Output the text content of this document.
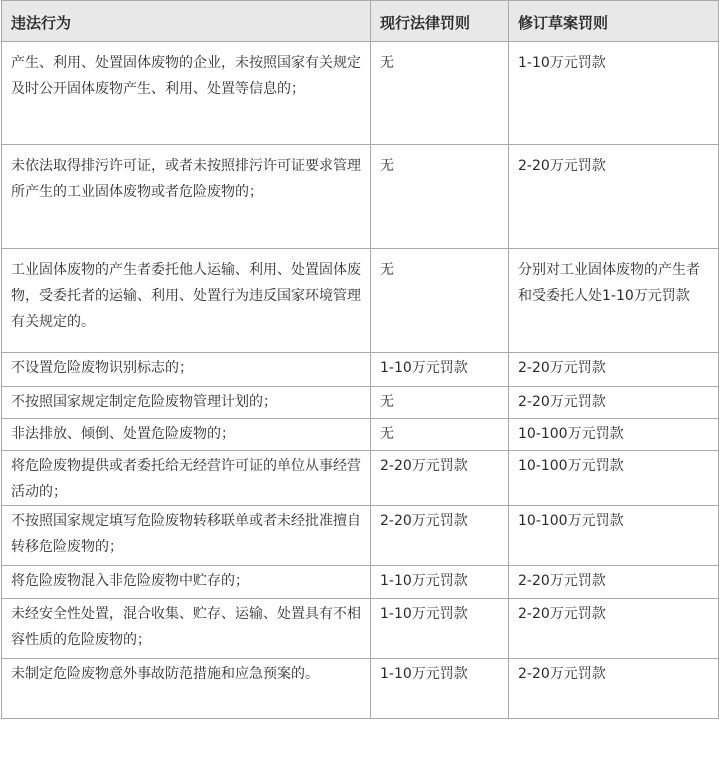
违法行为	现行法律罚则	修订草案罚则
产生、利用、处置固体废物的企业，未按照国家有关规定及时公开固体废物产生、利用、处置等信息的；	无	1-10万元罚款
未依法取得排污许可证，或者未按照排污许可证要求管理所产生的工业固体废物或者危险废物的；	无	2-20万元罚款
工业固体废物的产生者委托他人运输、利用、处置固体废物，受委托者的运输、利用、处置行为违反国家环境管理有关规定的。	无	分别对工业固体废物的产生者和受委托人处1-10万元罚款
不设置危险废物识别标志的；	1-10万元罚款	2-20万元罚款
不按照国家规定制定危险废物管理计划的；	无	2-20万元罚款
非法排放、倾倒、处置危险废物的；	无	10-100万元罚款
将危险废物提供或者委托给无经营许可证的单位从事经营活动的；	2-20万元罚款	10-100万元罚款
不按照国家规定填写危险废物转移联单或者未经批准擅自转移危险废物的；	2-20万元罚款	10-100万元罚款
将危险废物混入非危险废物中贮存的；	1-10万元罚款	2-20万元罚款
未经安全性处置，混合收集、贮存、运输、处置具有不相容性质的危险废物的；	1-10万元罚款	2-20万元罚款
未制定危险废物意外事故防范措施和应急预案的。	1-10万元罚款	2-20万元罚款
